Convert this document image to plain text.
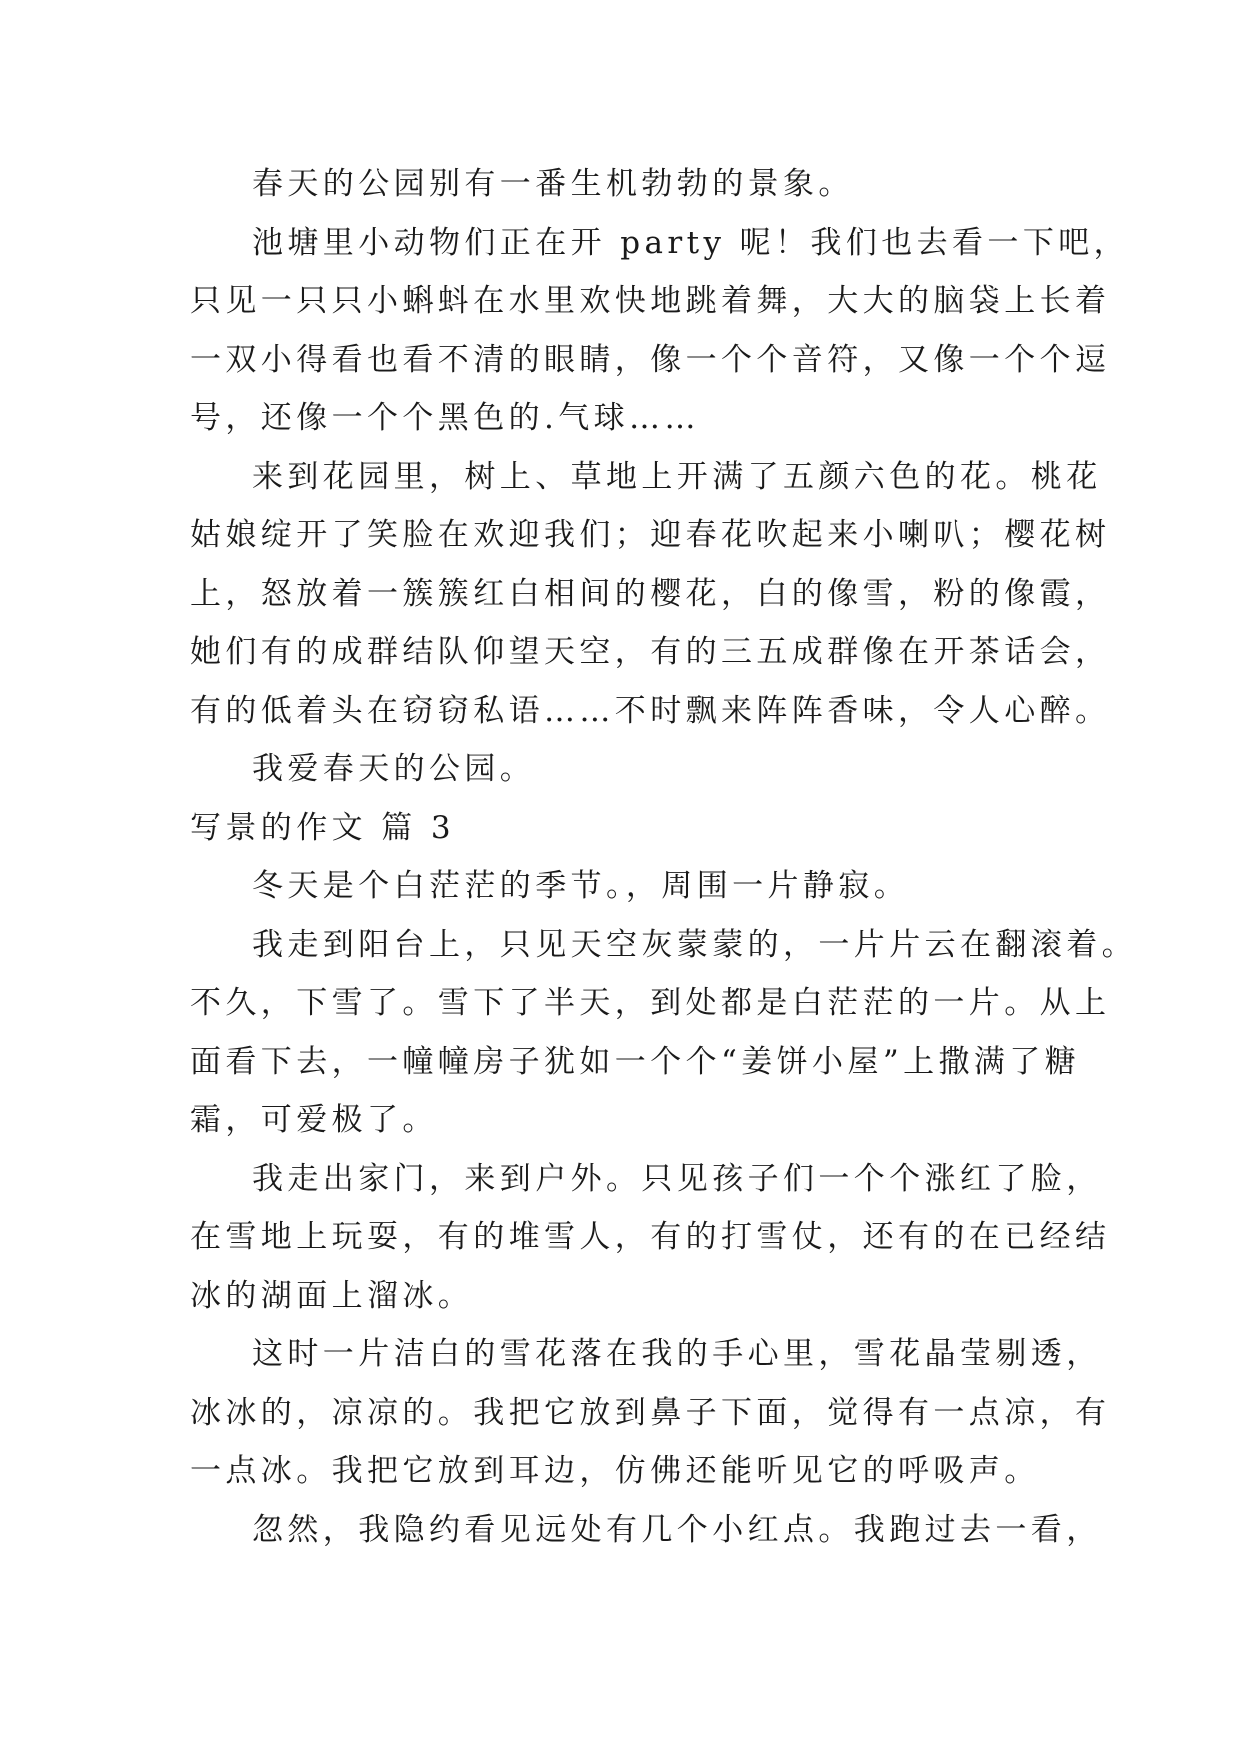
春天的公园别有一番生机勃勃的景象。
池塘里小动物们正在开 party 呢！我们也去看一下吧，
只见一只只小蝌蚪在水里欢快地跳着舞，大大的脑袋上长着
一双小得看也看不清的眼睛，像一个个音符，又像一个个逗
号，还像一个个黑色的.气球……
来到花园里，树上、草地上开满了五颜六色的花。桃花
姑娘绽开了笑脸在欢迎我们；迎春花吹起来小喇叭；樱花树
上，怒放着一簇簇红白相间的樱花，白的像雪，粉的像霞，
她们有的成群结队仰望天空，有的三五成群像在开茶话会，
有的低着头在窃窃私语……不时飘来阵阵香味，令人心醉。
我爱春天的公园。
写景的作文 篇 3
冬天是个白茫茫的季节。，周围一片静寂。
我走到阳台上，只见天空灰蒙蒙的，一片片云在翻滚着。
不久，下雪了。雪下了半天，到处都是白茫茫的一片。从上
面看下去，一幢幢房子犹如一个个“姜饼小屋”上撒满了糖
霜，可爱极了。
我走出家门，来到户外。只见孩子们一个个涨红了脸，
在雪地上玩耍，有的堆雪人，有的打雪仗，还有的在已经结
冰的湖面上溜冰。
这时一片洁白的雪花落在我的手心里，雪花晶莹剔透，
冰冰的，凉凉的。我把它放到鼻子下面，觉得有一点凉，有
一点冰。我把它放到耳边，仿佛还能听见它的呼吸声。
忽然，我隐约看见远处有几个小红点。我跑过去一看，
